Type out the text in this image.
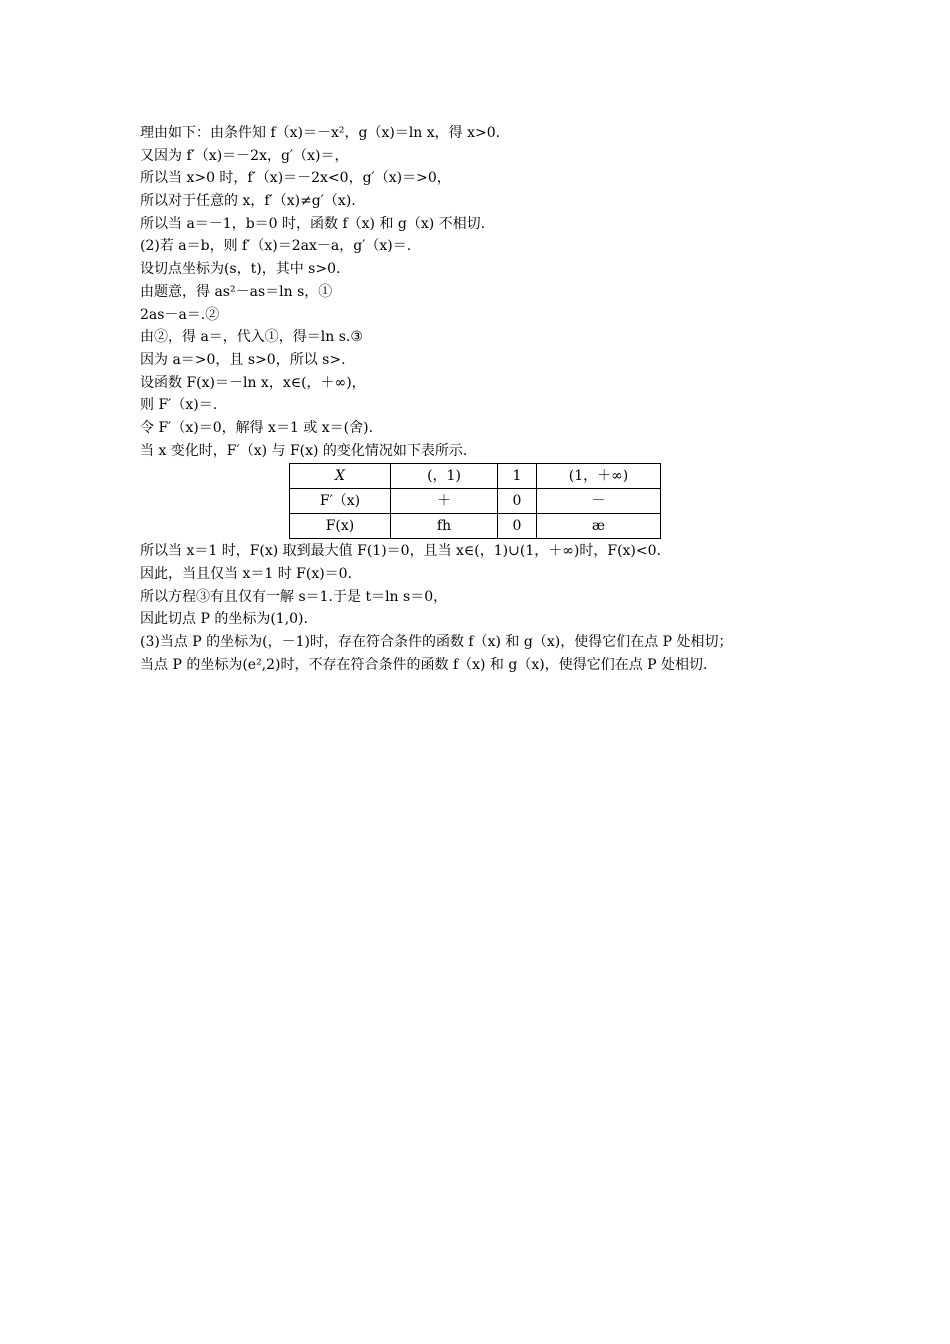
理由如下：由条件知 f（x)＝－x²，g（x)＝ln x，得 x>0.
又因为 f′（x)＝－2x，g′（x)＝，
所以当 x>0 时，f′（x)＝－2x<0，g′（x)＝>0，
所以对于任意的 x，f′（x)≠g′（x).
所以当 a＝－1，b＝0 时，函数 f（x) 和 g（x) 不相切.
(2)若 a＝b，则 f′（x)＝2ax－a，g′（x)＝.
设切点坐标为(s，t)，其中 s>0.
由题意，得 as²－as＝ln s，①
2as－a＝.②
由②，得 a＝，代入①，得＝ln s.③
因为 a＝>0，且 s>0，所以 s>.
设函数 F(x)＝－ln x，x∈(，＋∞)，
则 F′（x)＝.
令 F′（x)＝0，解得 x＝1 或 x＝(舍).
当 x 变化时，F′（x) 与 F(x) 的变化情况如下表所示.
X	(，1)	1	(1，＋∞)
F′（x)	＋	0	－
F(x)	fh	0	æ
所以当 x＝1 时，F(x) 取到最大值 F(1)＝0，且当 x∈(，1)∪(1，＋∞)时，F(x)<0.
因此，当且仅当 x＝1 时 F(x)＝0.
所以方程③有且仅有一解 s＝1.于是 t＝ln s＝0，
因此切点 P 的坐标为(1,0).
(3)当点 P 的坐标为(，－1)时，存在符合条件的函数 f（x) 和 g（x)，使得它们在点 P 处相切；
当点 P 的坐标为(e²,2)时，不存在符合条件的函数 f（x) 和 g（x)，使得它们在点 P 处相切.
